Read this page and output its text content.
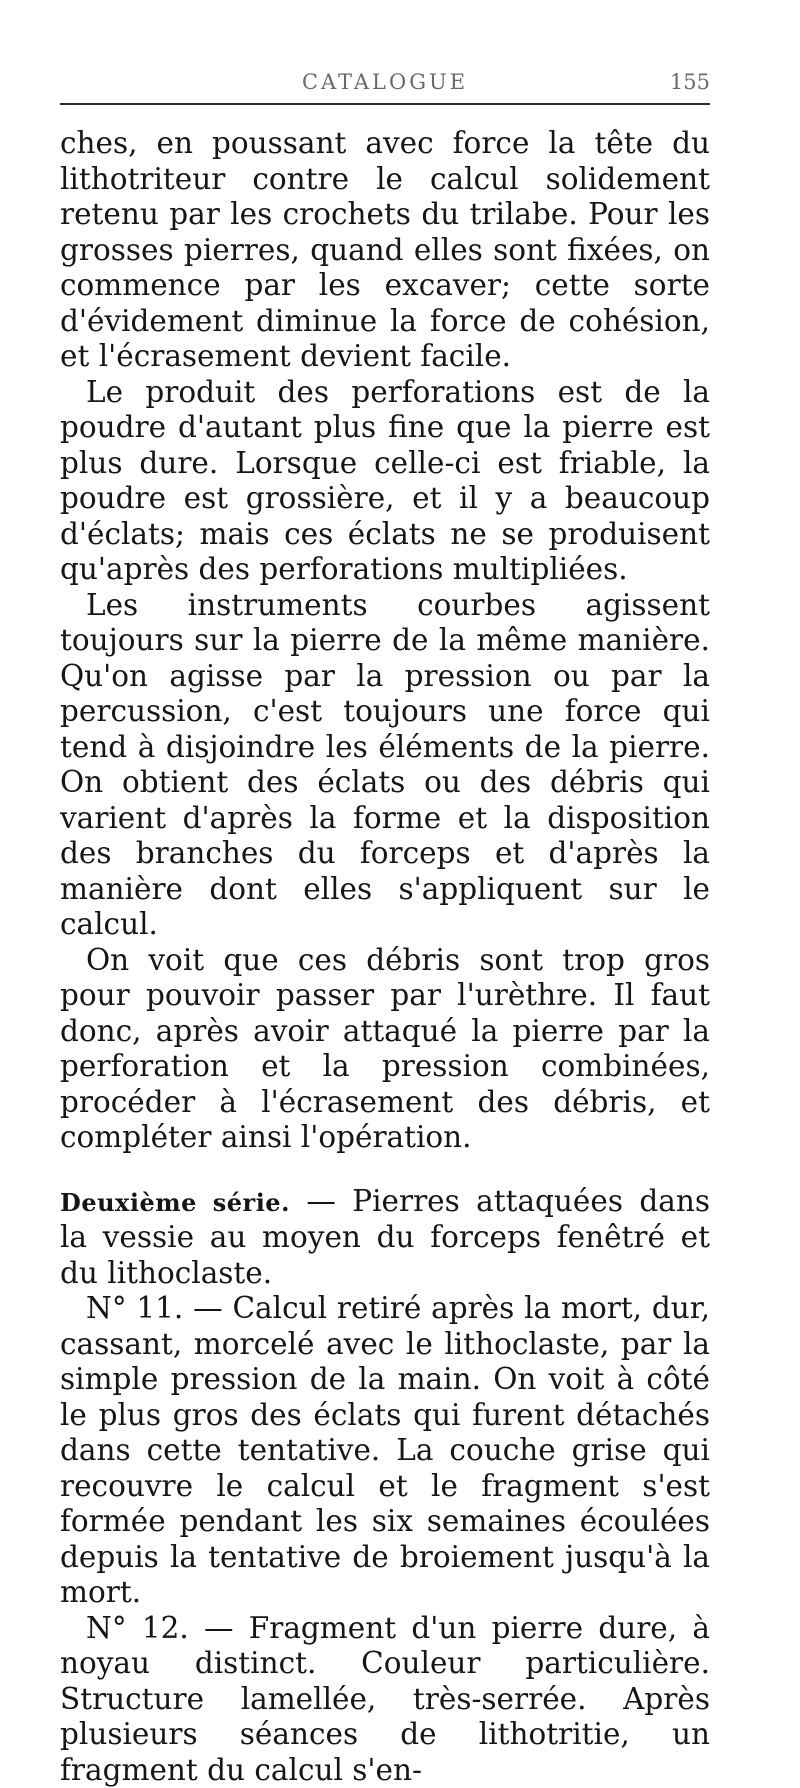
CATALOGUE	155

ches, en poussant avec force la tête du lithotriteur contre le calcul solidement retenu par les crochets du trilabe. Pour les grosses pierres, quand elles sont fixées, on commence par les excaver; cette sorte d'évidement diminue la force de cohésion, et l'écrasement devient facile.

Le produit des perforations est de la poudre d'autant plus fine que la pierre est plus dure. Lorsque celle-ci est friable, la poudre est grossière, et il y a beaucoup d'éclats; mais ces éclats ne se produisent qu'après des perforations multipliées.

Les instruments courbes agissent toujours sur la pierre de la même manière. Qu'on agisse par la pression ou par la percussion, c'est toujours une force qui tend à disjoindre les éléments de la pierre. On obtient des éclats ou des débris qui varient d'après la forme et la disposition des branches du forceps et d'après la manière dont elles s'appliquent sur le calcul.

On voit que ces débris sont trop gros pour pouvoir passer par l'urèthre. Il faut donc, après avoir attaqué la pierre par la perforation et la pression combinées, procéder à l'écrasement des débris, et compléter ainsi l'opération.

Deuxième série. — Pierres attaquées dans la vessie au moyen du forceps fenêtré et du lithoclaste.

N° 11. — Calcul retiré après la mort, dur, cassant, morcelé avec le lithoclaste, par la simple pression de la main. On voit à côté le plus gros des éclats qui furent détachés dans cette tentative. La couche grise qui recouvre le calcul et le fragment s'est formée pendant les six semaines écoulées depuis la tentative de broiement jusqu'à la mort.

N° 12. — Fragment d'un pierre dure, à noyau distinct. Couleur particulière. Structure lamellée, très-serrée. Après plusieurs séances de lithotritie, un fragment du calcul s'en-
